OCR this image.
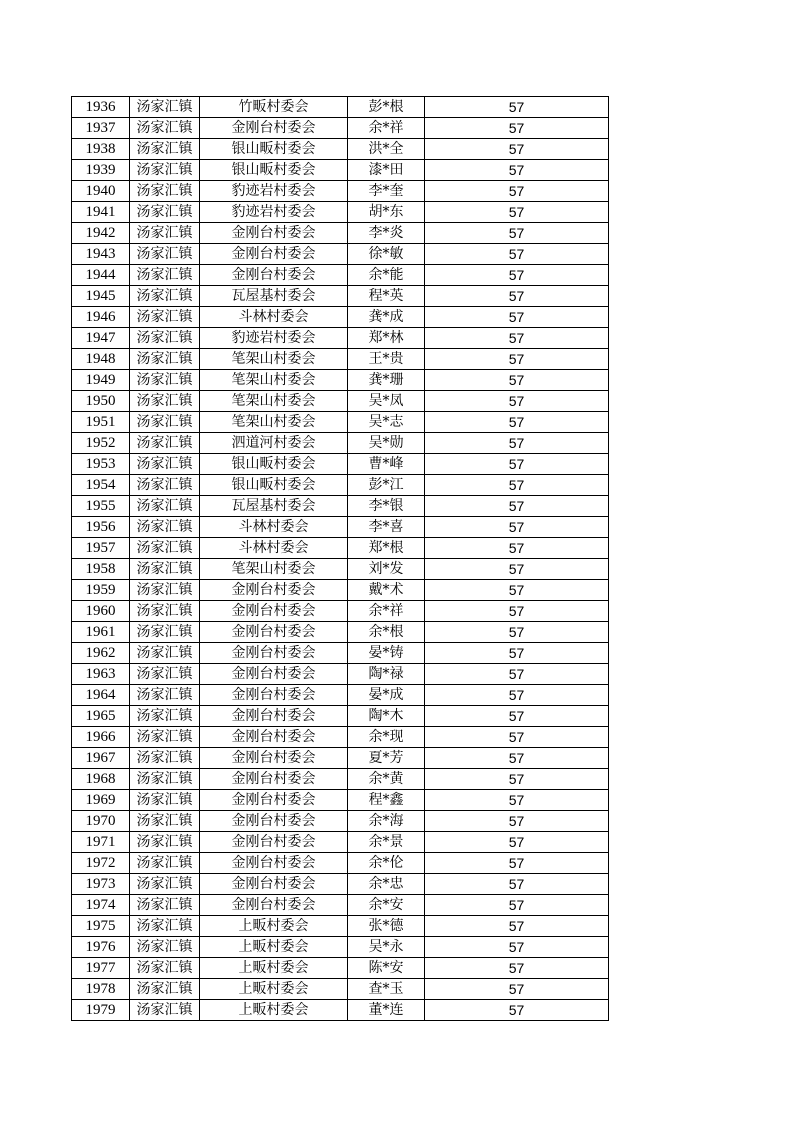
1936	汤家汇镇	竹畈村委会	彭*根	57
1937	汤家汇镇	金刚台村委会	余*祥	57
1938	汤家汇镇	银山畈村委会	洪*全	57
1939	汤家汇镇	银山畈村委会	漆*田	57
1940	汤家汇镇	豹迹岩村委会	李*奎	57
1941	汤家汇镇	豹迹岩村委会	胡*东	57
1942	汤家汇镇	金刚台村委会	李*炎	57
1943	汤家汇镇	金刚台村委会	徐*敏	57
1944	汤家汇镇	金刚台村委会	余*能	57
1945	汤家汇镇	瓦屋基村委会	程*英	57
1946	汤家汇镇	斗林村委会	龚*成	57
1947	汤家汇镇	豹迹岩村委会	郑*林	57
1948	汤家汇镇	笔架山村委会	王*贵	57
1949	汤家汇镇	笔架山村委会	龚*珊	57
1950	汤家汇镇	笔架山村委会	吴*凤	57
1951	汤家汇镇	笔架山村委会	吴*志	57
1952	汤家汇镇	泗道河村委会	吴*勋	57
1953	汤家汇镇	银山畈村委会	曹*峰	57
1954	汤家汇镇	银山畈村委会	彭*江	57
1955	汤家汇镇	瓦屋基村委会	李*银	57
1956	汤家汇镇	斗林村委会	李*喜	57
1957	汤家汇镇	斗林村委会	郑*根	57
1958	汤家汇镇	笔架山村委会	刘*发	57
1959	汤家汇镇	金刚台村委会	戴*术	57
1960	汤家汇镇	金刚台村委会	余*祥	57
1961	汤家汇镇	金刚台村委会	余*根	57
1962	汤家汇镇	金刚台村委会	晏*铸	57
1963	汤家汇镇	金刚台村委会	陶*禄	57
1964	汤家汇镇	金刚台村委会	晏*成	57
1965	汤家汇镇	金刚台村委会	陶*木	57
1966	汤家汇镇	金刚台村委会	余*现	57
1967	汤家汇镇	金刚台村委会	夏*芳	57
1968	汤家汇镇	金刚台村委会	余*黄	57
1969	汤家汇镇	金刚台村委会	程*鑫	57
1970	汤家汇镇	金刚台村委会	余*海	57
1971	汤家汇镇	金刚台村委会	余*景	57
1972	汤家汇镇	金刚台村委会	余*伦	57
1973	汤家汇镇	金刚台村委会	余*忠	57
1974	汤家汇镇	金刚台村委会	余*安	57
1975	汤家汇镇	上畈村委会	张*德	57
1976	汤家汇镇	上畈村委会	吴*永	57
1977	汤家汇镇	上畈村委会	陈*安	57
1978	汤家汇镇	上畈村委会	查*玉	57
1979	汤家汇镇	上畈村委会	董*连	57
